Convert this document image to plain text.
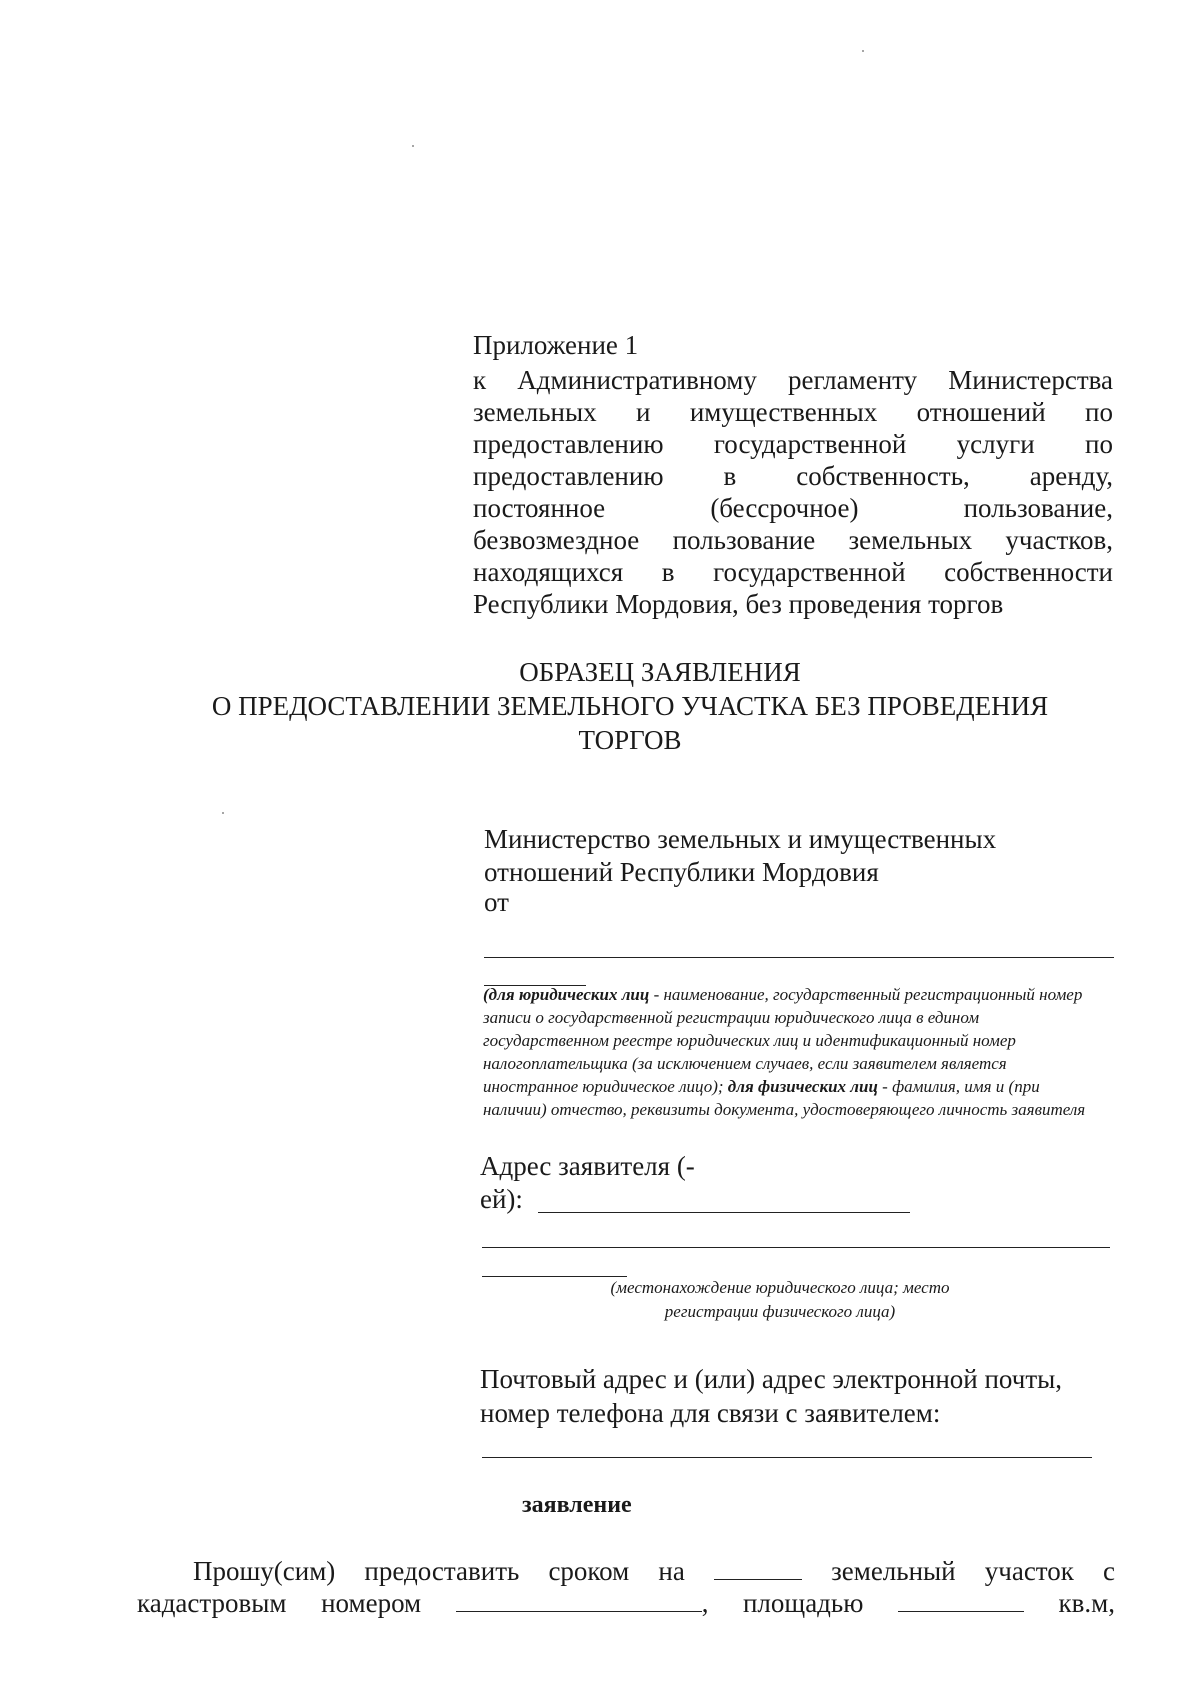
Приложение 1
к Административному регламенту Министерства
земельных и имущественных отношений по
предоставлению государственной услуги по
предоставлению в собственность, аренду,
постоянное (бессрочное) пользование,
безвозмездное пользование земельных участков,
находящихся в государственной собственности
Республики Мордовия, без проведения торгов
ОБРАЗЕЦ ЗАЯВЛЕНИЯ
О ПРЕДОСТАВЛЕНИИ ЗЕМЕЛЬНОГО УЧАСТКА БЕЗ ПРОВЕДЕНИЯ
ТОРГОВ
Министерство земельных и имущественных
отношений Республики Мордовия
от
(для юридических лиц - наименование, государственный регистрационный номер записи о государственной регистрации юридического лица в едином государственном реестре юридических лиц и идентификационный номер налогоплательщика (за исключением случаев, если заявителем является иностранное юридическое лицо); для физических лиц - фамилия, имя и (при наличии) отчество, реквизиты документа, удостоверяющего личность заявителя
Адрес заявителя (-
ей):
(местонахождение юридического лица; место
регистрации физического лица)
Почтовый адрес и (или) адрес электронной почты,
номер телефона для связи с заявителем:
заявление
Прошу(сим) предоставить сроком на	земельный участок с
кадастровым номером	, площадью	кв.м,
